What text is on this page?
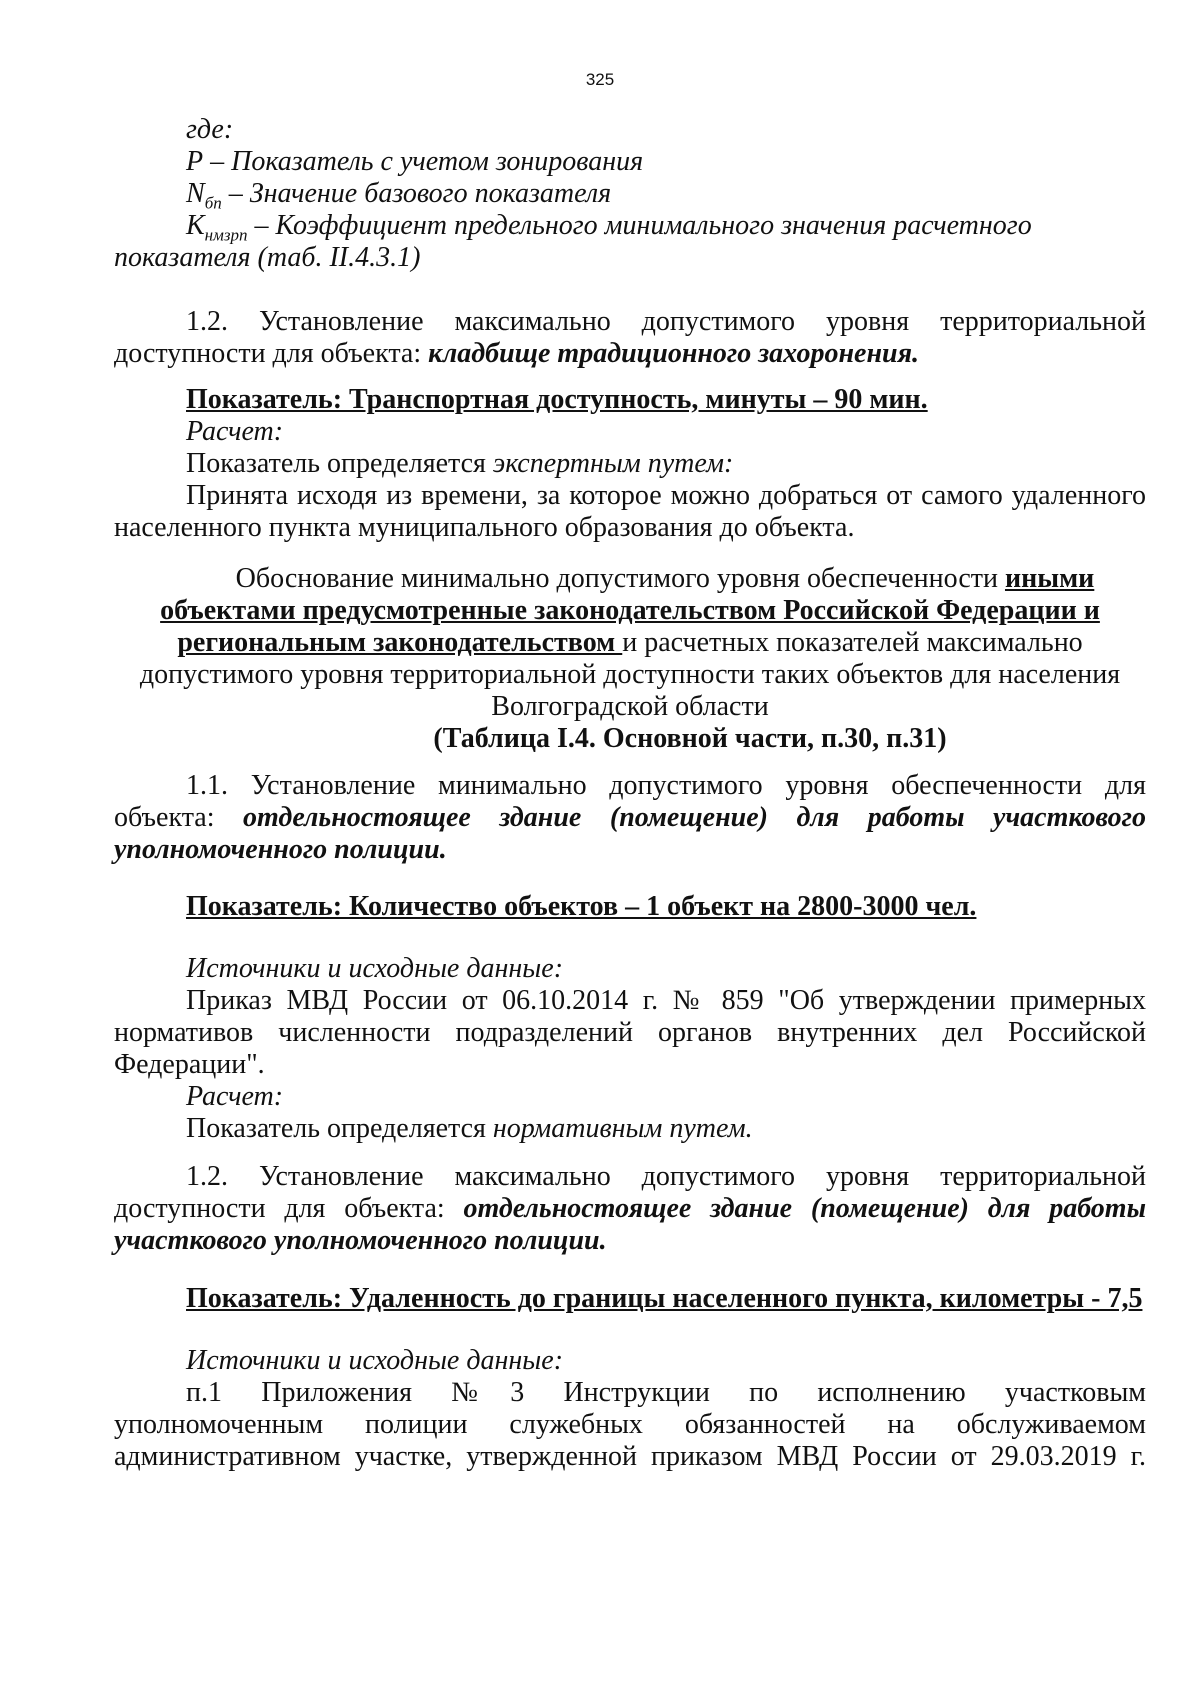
325
где:
Р – Показатель с учетом зонирования
$N_{бп}$ – Значение базового показателя
$К_{нмзрп}$ – Коэффициент предельного минимального значения расчетного
показателя (таб. II.4.3.1)
1.2. Установление максимально допустимого уровня территориальной
доступности для объекта: кладбище традиционного захоронения.
Показатель: Транспортная доступность, минуты – 90 мин.
Расчет:
Показатель определяется экспертным путем:
Принята исходя из времени, за которое можно добраться от самого удаленного
населенного пункта муниципального образования до объекта.
Обоснование минимально допустимого уровня обеспеченности иными
объектами предусмотренные законодательством Российской Федерации и
региональным законодательством и расчетных показателей максимально
допустимого уровня территориальной доступности таких объектов для населения
Волгоградской области
(Таблица I.4. Основной части, п.30, п.31)
1.1. Установление минимально допустимого уровня обеспеченности для
объекта: отдельностоящее здание (помещение) для работы участкового
уполномоченного полиции.
Показатель: Количество объектов – 1 объект на 2800-3000 чел.
Источники и исходные данные:
Приказ МВД России от 06.10.2014 г. № 859 "Об утверждении примерных
нормативов численности подразделений органов внутренних дел Российской
Федерации".
Расчет:
Показатель определяется нормативным путем.
1.2. Установление максимально допустимого уровня территориальной
доступности для объекта: отдельностоящее здание (помещение) для работы
участкового уполномоченного полиции.
Показатель: Удаленность до границы населенного пункта, километры - 7,5
Источники и исходные данные:
п.1 Приложения №3 Инструкции по исполнению участковым
уполномоченным полиции служебных обязанностей на обслуживаемом
административном участке, утвержденной приказом МВД России от 29.03.2019 г.
